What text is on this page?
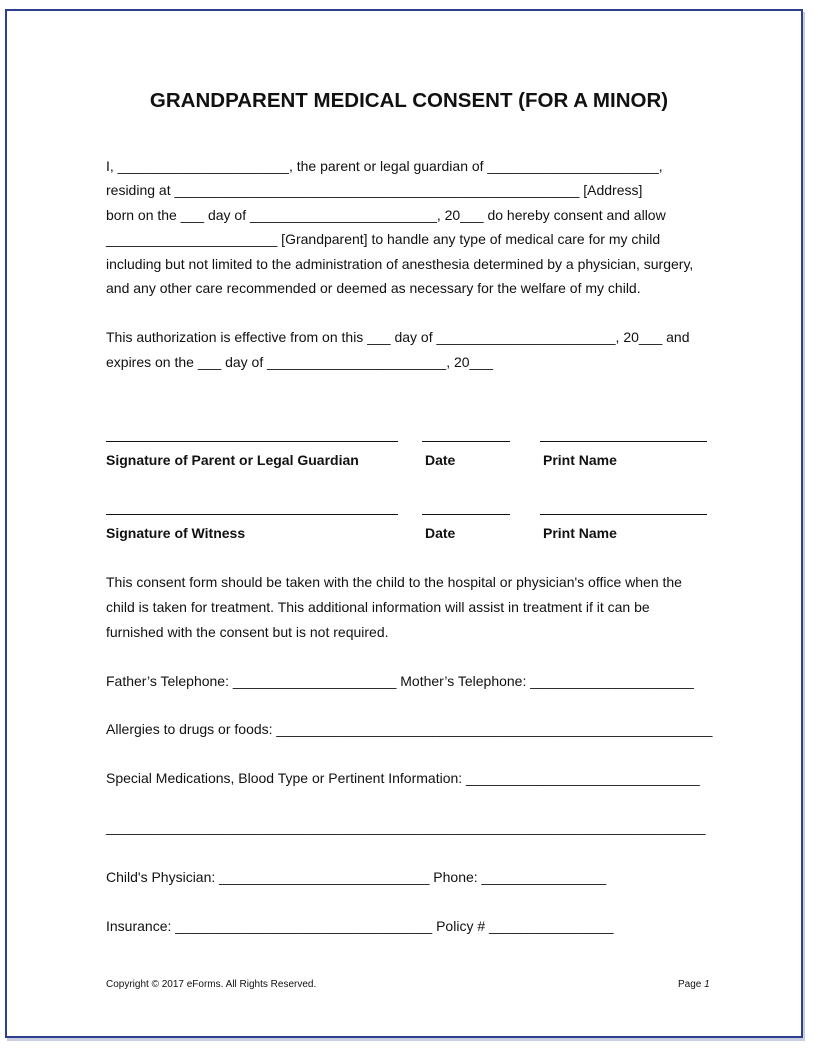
GRANDPARENT MEDICAL CONSENT (FOR A MINOR)
I, ______________________, the parent or legal guardian of ______________________,
residing at ____________________________________________________ [Address]
born on the ___ day of ________________________, 20___ do hereby consent and allow
______________________ [Grandparent] to handle any type of medical care for my child
including but not limited to the administration of anesthesia determined by a physician, surgery,
and any other care recommended or deemed as necessary for the welfare of my child.
This authorization is effective from on this ___ day of _______________________, 20___ and
expires on the ___ day of _______________________, 20___
Signature of Parent or Legal Guardian	Date	Print Name
Signature of Witness	Date	Print Name
This consent form should be taken with the child to the hospital or physician's office when the
child is taken for treatment. This additional information will assist in treatment if it can be
furnished with the consent but is not required.
Father’s Telephone: _____________________ Mother’s Telephone: _____________________
Allergies to drugs or foods: ________________________________________________________
Special Medications, Blood Type or Pertinent Information: ______________________________
_____________________________________________________________________________
Child's Physician: ___________________________ Phone: ________________
Insurance: _________________________________ Policy # ________________
Copyright © 2017 eForms. All Rights Reserved.	Page 1
